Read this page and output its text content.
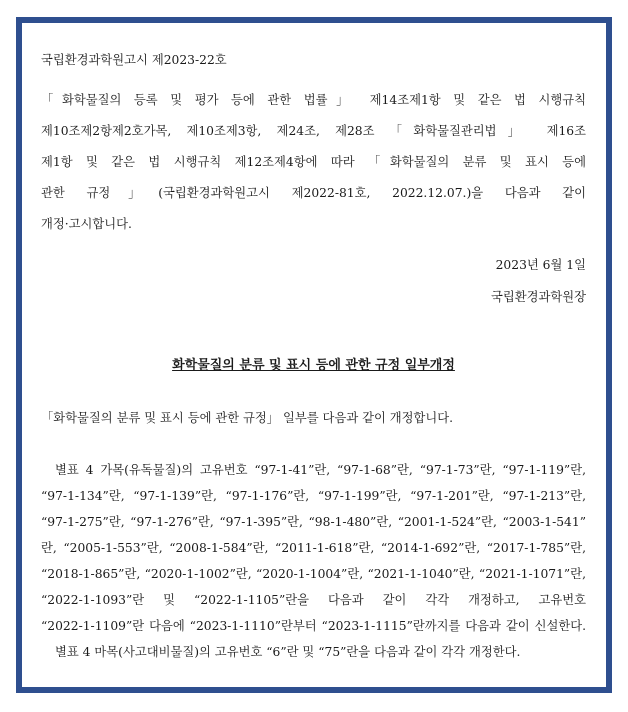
국립환경과학원고시 제2023-22호
「화학물질의 등록 및 평가 등에 관한 법률」 제14조제1항 및 같은 법 시행규칙
제10조제2항제2호가목, 제10조제3항, 제24조, 제28조 「화학물질관리법」 제16조
제1항 및 같은 법 시행규칙 제12조제4항에 따라 「화학물질의 분류 및 표시 등에
관한 규정」(국립환경과학원고시 제2022-81호, 2022.12.07.)을 다음과 같이
개정·고시합니다.
2023년 6월 1일
국립환경과학원장
화학물질의 분류 및 표시 등에 관한 규정 일부개정
「화학물질의 분류 및 표시 등에 관한 규정」 일부를 다음과 같이 개정합니다.
별표 4 가목(유독물질)의 고유번호 “97-1-41”란, “97-1-68”란, “97-1-73”란, “97-1-119”란,
“97-1-134”란, “97-1-139”란, “97-1-176”란, “97-1-199”란, “97-1-201”란, “97-1-213”란,
“97-1-275”란, “97-1-276”란, “97-1-395”란, “98-1-480”란, “2001-1-524”란, “2003-1-541”
란, “2005-1-553”란, “2008-1-584”란, “2011-1-618”란, “2014-1-692”란, “2017-1-785”란,
“2018-1-865”란, “2020-1-1002”란, “2020-1-1004”란, “2021-1-1040”란, “2021-1-1071”란,
“2022-1-1093”란 및 “2022-1-1105”란을 다음과 같이 각각 개정하고, 고유번호
“2022-1-1109”란 다음에 “2023-1-1110”란부터 “2023-1-1115”란까지를 다음과 같이 신설한다.
별표 4 마목(사고대비물질)의 고유번호 “6”란 및 “75”란을 다음과 같이 각각 개정한다.
